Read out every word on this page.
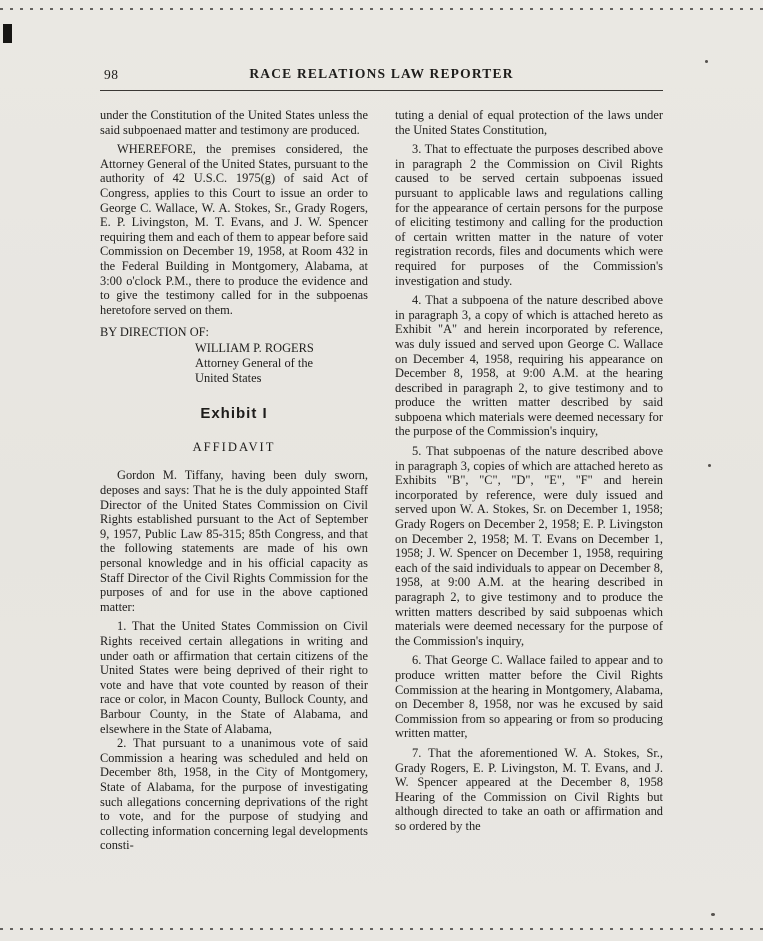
98	RACE RELATIONS LAW REPORTER

under the Constitution of the United States unless the said subpoenaed matter and testimony are produced.

WHEREFORE, the premises considered, the Attorney General of the United States, pursuant to the authority of 42 U.S.C. 1975(g) of said Act of Congress, applies to this Court to issue an order to George C. Wallace, W. A. Stokes, Sr., Grady Rogers, E. P. Livingston, M. T. Evans, and J. W. Spencer requiring them and each of them to appear before said Commission on December 19, 1958, at Room 432 in the Federal Building in Montgomery, Alabama, at 3:00 o'clock P.M., there to produce the evidence and to give the testimony called for in the subpoenas heretofore served on them.

BY DIRECTION OF:

WILLIAM P. ROGERS
Attorney General of the
United States

Exhibit I

AFFIDAVIT

Gordon M. Tiffany, having been duly sworn, deposes and says: That he is the duly appointed Staff Director of the United States Commission on Civil Rights established pursuant to the Act of September 9, 1957, Public Law 85-315; 85th Congress, and that the following statements are made of his own personal knowledge and in his official capacity as Staff Director of the Civil Rights Commission for the purposes of and for use in the above captioned matter:

1. That the United States Commission on Civil Rights received certain allegations in writing and under oath or affirmation that certain citizens of the United States were being deprived of their right to vote and have that vote counted by reason of their race or color, in Macon County, Bullock County, and Barbour County, in the State of Alabama, and elsewhere in the State of Alabama,

2. That pursuant to a unanimous vote of said Commission a hearing was scheduled and held on December 8th, 1958, in the City of Montgomery, State of Alabama, for the purpose of investigating such allegations concerning deprivations of the right to vote, and for the purpose of studying and collecting information concerning legal developments consti-

tuting a denial of equal protection of the laws under the United States Constitution,

3. That to effectuate the purposes described above in paragraph 2 the Commission on Civil Rights caused to be served certain subpoenas issued pursuant to applicable laws and regulations calling for the appearance of certain persons for the purpose of eliciting testimony and calling for the production of certain written matter in the nature of voter registration records, files and documents which were required for purposes of the Commission's investigation and study.

4. That a subpoena of the nature described above in paragraph 3, a copy of which is attached hereto as Exhibit "A" and herein incorporated by reference, was duly issued and served upon George C. Wallace on December 4, 1958, requiring his appearance on December 8, 1958, at 9:00 A.M. at the hearing described in paragraph 2, to give testimony and to produce the written matter described by said subpoena which materials were deemed necessary for the purpose of the Commission's inquiry,

5. That subpoenas of the nature described above in paragraph 3, copies of which are attached hereto as Exhibits "B", "C", "D", "E", "F" and herein incorporated by reference, were duly issued and served upon W. A. Stokes, Sr. on December 1, 1958; Grady Rogers on December 2, 1958; E. P. Livingston on December 2, 1958; M. T. Evans on December 1, 1958; J. W. Spencer on December 1, 1958, requiring each of the said individuals to appear on December 8, 1958, at 9:00 A.M. at the hearing described in paragraph 2, to give testimony and to produce the written matters described by said subpoenas which materials were deemed necessary for the purpose of the Commission's inquiry,

6. That George C. Wallace failed to appear and to produce written matter before the Civil Rights Commission at the hearing in Montgomery, Alabama, on December 8, 1958, nor was he excused by said Commission from so appearing or from so producing written matter,

7. That the aforementioned W. A. Stokes, Sr., Grady Rogers, E. P. Livingston, M. T. Evans, and J. W. Spencer appeared at the December 8, 1958 Hearing of the Commission on Civil Rights but although directed to take an oath or affirmation and so ordered by the
